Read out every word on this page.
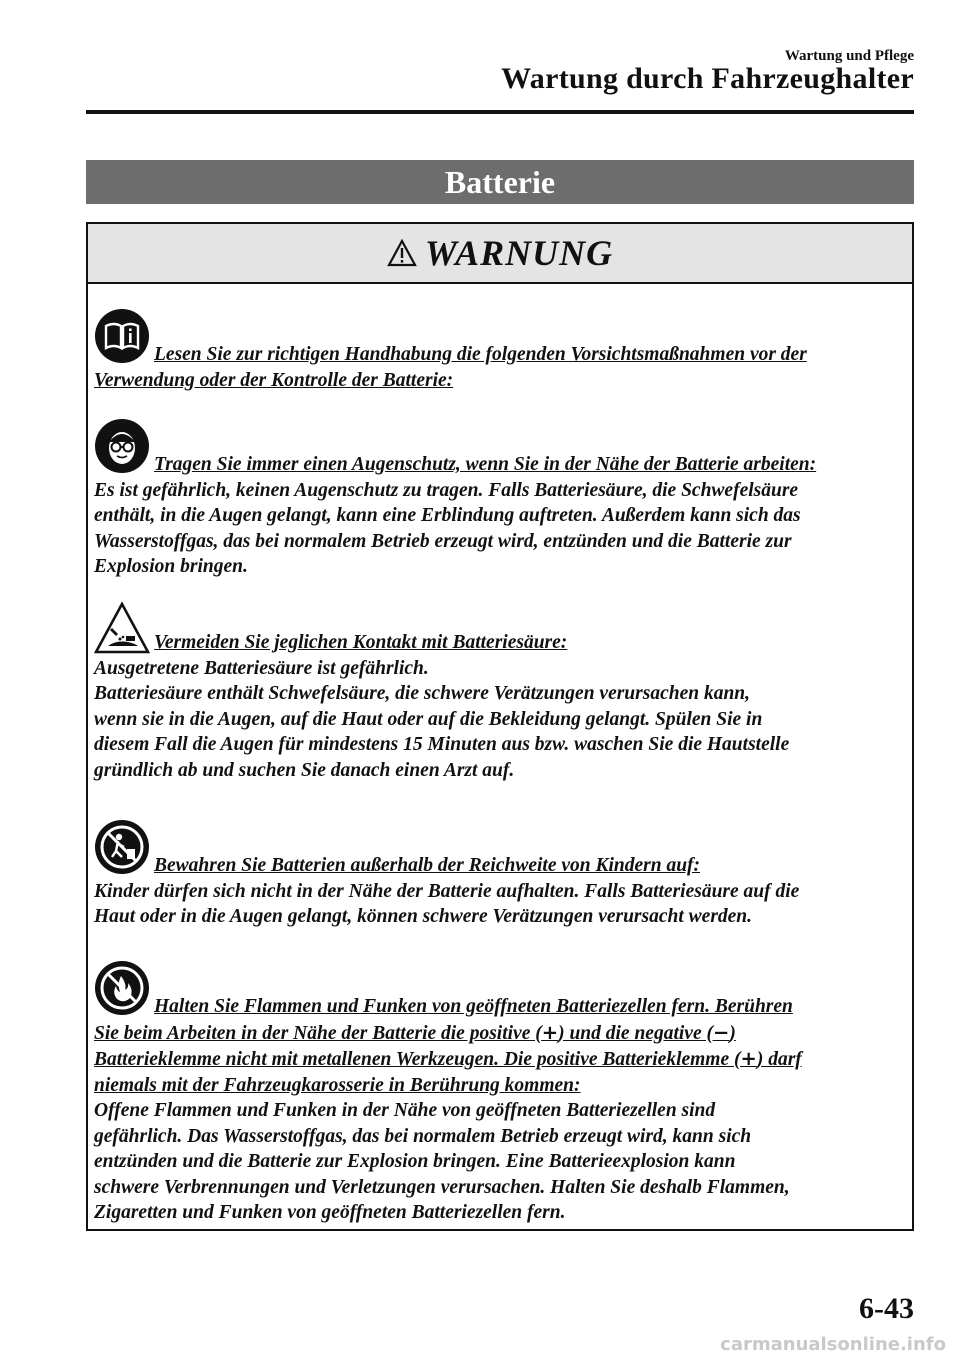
Wartung und Pflege
Wartung durch Fahrzeughalter
Batterie
WARNUNG
Lesen Sie zur richtigen Handhabung die folgenden Vorsichtsmaßnahmen vor der
Verwendung oder der Kontrolle der Batterie:
Tragen Sie immer einen Augenschutz, wenn Sie in der Nähe der Batterie arbeiten:
Es ist gefährlich, keinen Augenschutz zu tragen. Falls Batteriesäure, die Schwefelsäure
enthält, in die Augen gelangt, kann eine Erblindung auftreten. Außerdem kann sich das
Wasserstoffgas, das bei normalem Betrieb erzeugt wird, entzünden und die Batterie zur
Explosion bringen.
Vermeiden Sie jeglichen Kontakt mit Batteriesäure:
Ausgetretene Batteriesäure ist gefährlich.
Batteriesäure enthält Schwefelsäure, die schwere Verätzungen verursachen kann,
wenn sie in die Augen, auf die Haut oder auf die Bekleidung gelangt. Spülen Sie in
diesem Fall die Augen für mindestens 15 Minuten aus bzw. waschen Sie die Hautstelle
gründlich ab und suchen Sie danach einen Arzt auf.
Bewahren Sie Batterien außerhalb der Reichweite von Kindern auf:
Kinder dürfen sich nicht in der Nähe der Batterie aufhalten. Falls Batteriesäure auf die
Haut oder in die Augen gelangt, können schwere Verätzungen verursacht werden.
Halten Sie Flammen und Funken von geöffneten Batteriezellen fern. Berühren
Sie beim Arbeiten in der Nähe der Batterie die positive (+) und die negative (−)
Batterieklemme nicht mit metallenen Werkzeugen. Die positive Batterieklemme (+) darf
niemals mit der Fahrzeugkarosserie in Berührung kommen:
Offene Flammen und Funken in der Nähe von geöffneten Batteriezellen sind
gefährlich. Das Wasserstoffgas, das bei normalem Betrieb erzeugt wird, kann sich
entzünden und die Batterie zur Explosion bringen. Eine Batterieexplosion kann
schwere Verbrennungen und Verletzungen verursachen. Halten Sie deshalb Flammen,
Zigaretten und Funken von geöffneten Batteriezellen fern.
6-43
carmanualsonline.info
